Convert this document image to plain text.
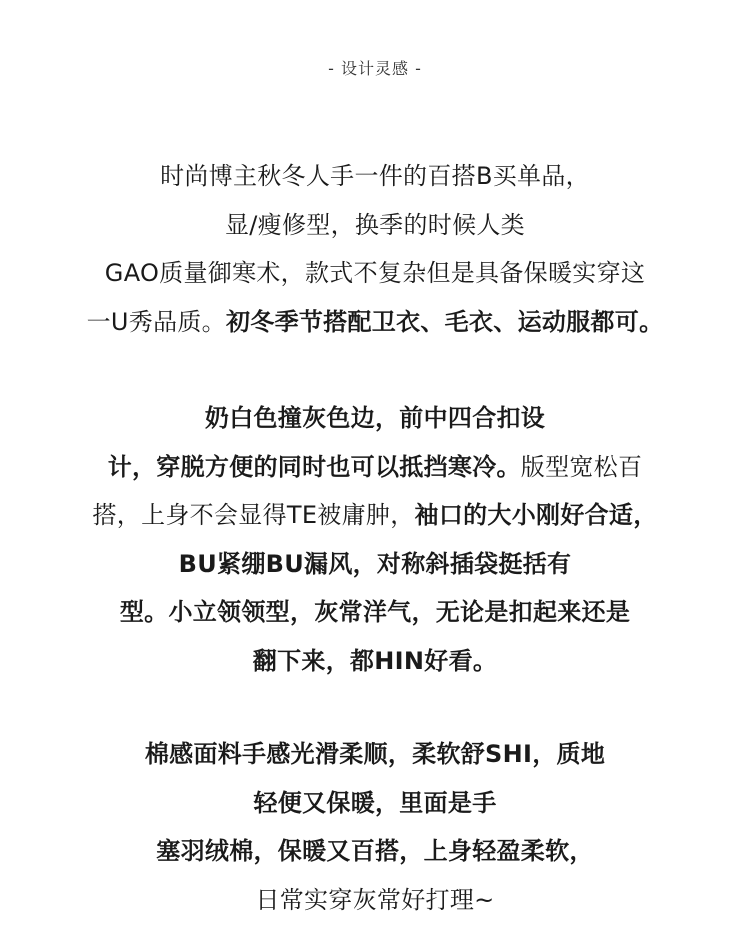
- 设计灵感 -
时尚博主秋冬人手一件的百搭B买单品，
显/瘦修型，换季的时候人类
GAO质量御寒术，款式不复杂但是具备保暖实穿这
一U秀品质。初冬季节搭配卫衣、毛衣、运动服都可。
奶白色撞灰色边，前中四合扣设
计，穿脱方便的同时也可以抵挡寒冷。版型宽松百
搭，上身不会显得TE被庸肿，袖口的大小刚好合适，
BU紧绷BU漏风，对称斜插袋挺括有
型。小立领领型，灰常洋气，无论是扣起来还是
翻下来，都HIN好看。
棉感面料手感光滑柔顺，柔软舒SHI，质地
轻便又保暖，里面是手
塞羽绒棉，保暖又百搭，上身轻盈柔软，
日常实穿灰常好打理~
